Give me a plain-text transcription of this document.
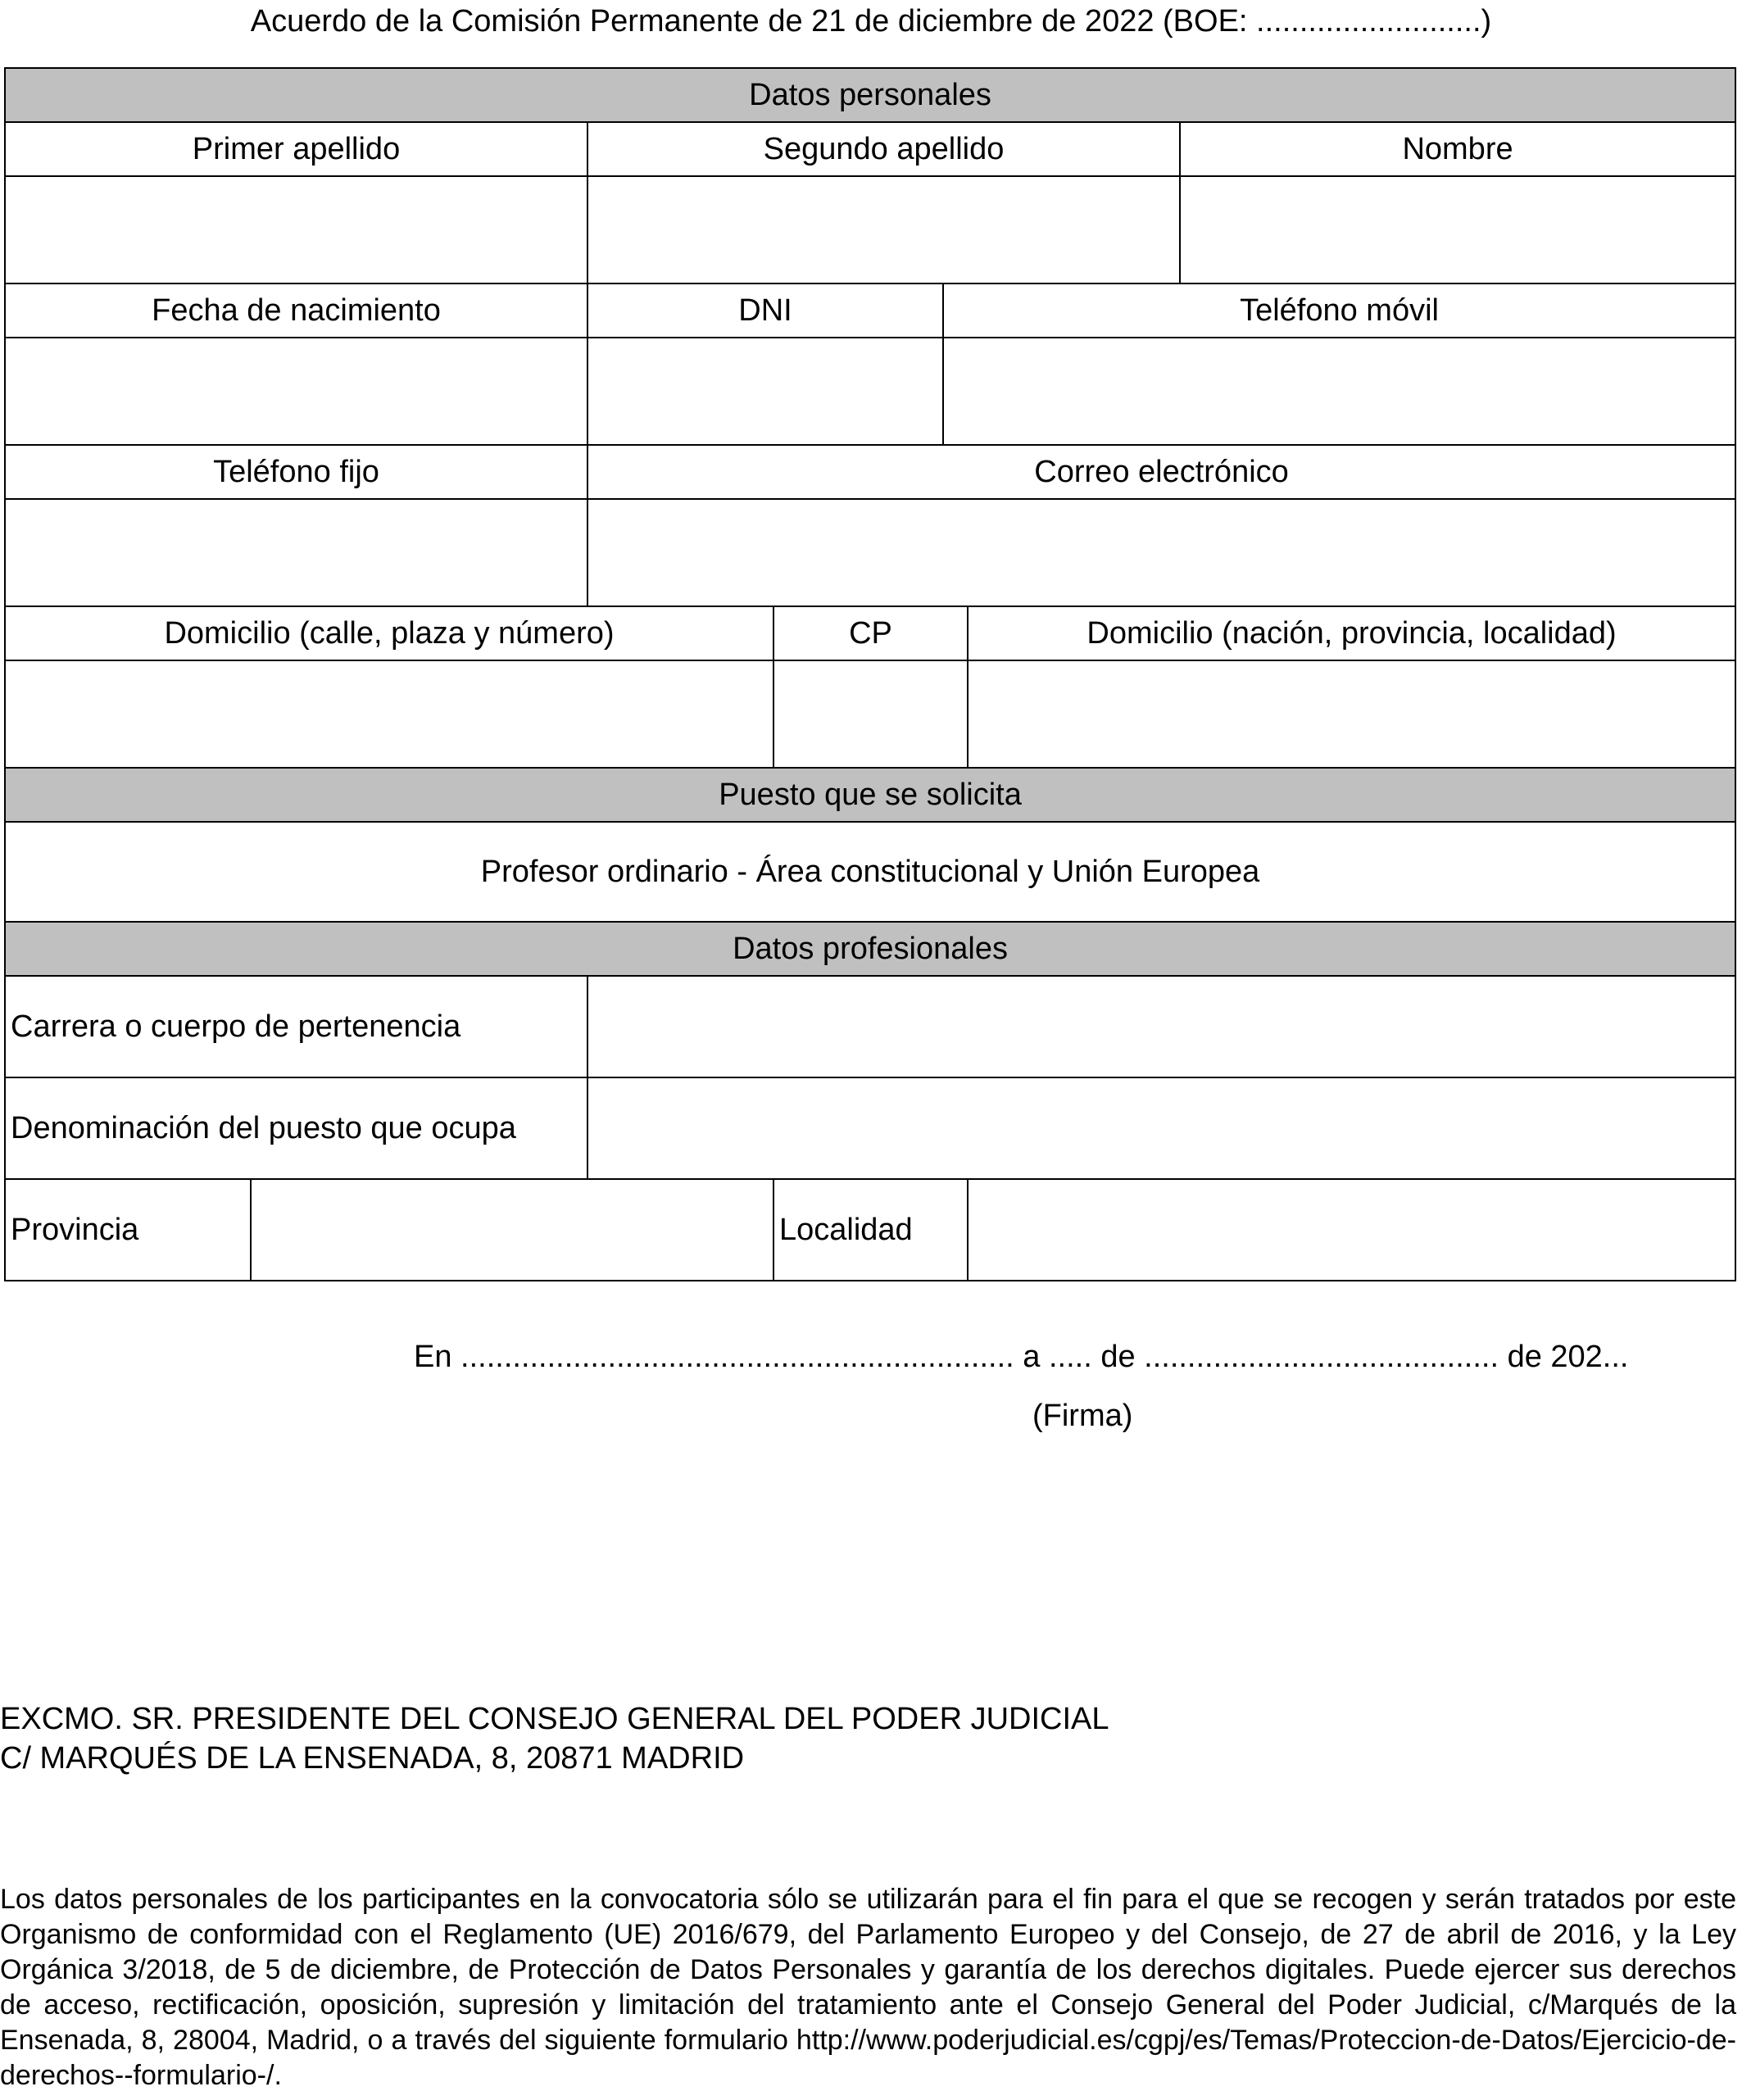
Acuerdo de la Comisión Permanente de 21 de diciembre de 2022 (BOE: ..........................)
Datos personales						
Primer apellido		Segundo apellido				Nombre

Fecha de nacimiento		DNI		Teléfono móvil		

Teléfono fijo		Correo electrónico				

Domicilio (calle, plaza y número)			CP		Domicilio (nación, provincia, localidad)	

Puesto que se solicita						
Profesor ordinario - Área constitucional y Unión Europea						
Datos profesionales						
Carrera o cuerpo de pertenencia						
Denominación del puesto que ocupa						
Provincia			Localidad			
En ................................................................ a ..... de ......................................... de 202...
(Firma)
EXCMO. SR. PRESIDENTE DEL CONSEJO GENERAL DEL PODER JUDICIAL
C/ MARQUÉS DE LA ENSENADA, 8, 20871 MADRID
Los datos personales de los participantes en la convocatoria sólo se utilizarán para el fin para el que se recogen y serán tratados por este Organismo de conformidad con el Reglamento (UE) 2016/679, del Parlamento Europeo y del Consejo, de 27 de abril de 2016, y la Ley Orgánica 3/2018, de 5 de diciembre, de Protección de Datos Personales y garantía de los derechos digitales. Puede ejercer sus derechos de acceso, rectificación, oposición, supresión y limitación del tratamiento ante el Consejo General del Poder Judicial, c/Marqués de la Ensenada, 8, 28004, Madrid, o a través del siguiente formulario http://www.poderjudicial.es/cgpj/es/Temas/Proteccion-de-Datos/Ejercicio-de-derechos--formulario-/.
